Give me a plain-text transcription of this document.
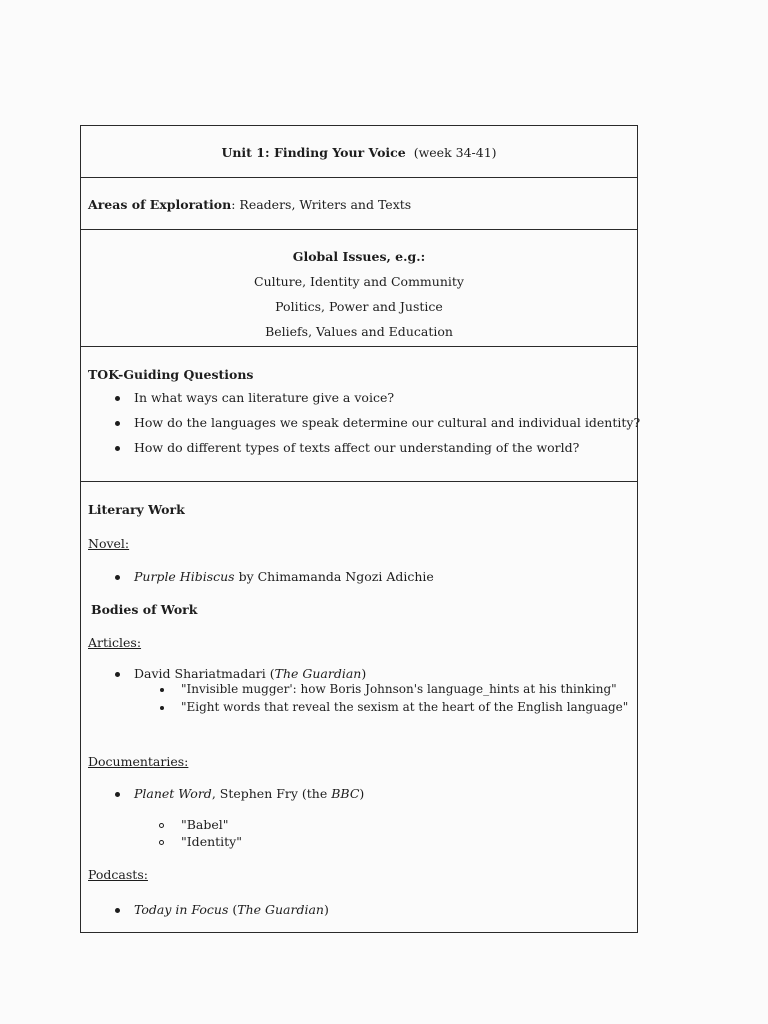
Unit 1: Finding Your Voice (week 34-41)
Areas of Exploration: Readers, Writers and Texts
Global Issues, e.g.:
Culture, Identity and Community
Politics, Power and Justice
Beliefs, Values and Education
TOK-Guiding Questions
In what ways can literature give a voice?
How do the languages we speak determine our cultural and individual identity?
How do different types of texts affect our understanding of the world?
Literary Work
Novel:
Purple Hibiscus by Chimamanda Ngozi Adichie
Bodies of Work
Articles:
David Shariatmadari (The Guardian)
"Invisible mugger': how Boris Johnson's language_hints at his thinking"
"Eight words that reveal the sexism at the heart of the English language"
Documentaries:
Planet Word, Stephen Fry (the BBC)
"Babel"
"Identity"
Podcasts:
Today in Focus (The Guardian)
